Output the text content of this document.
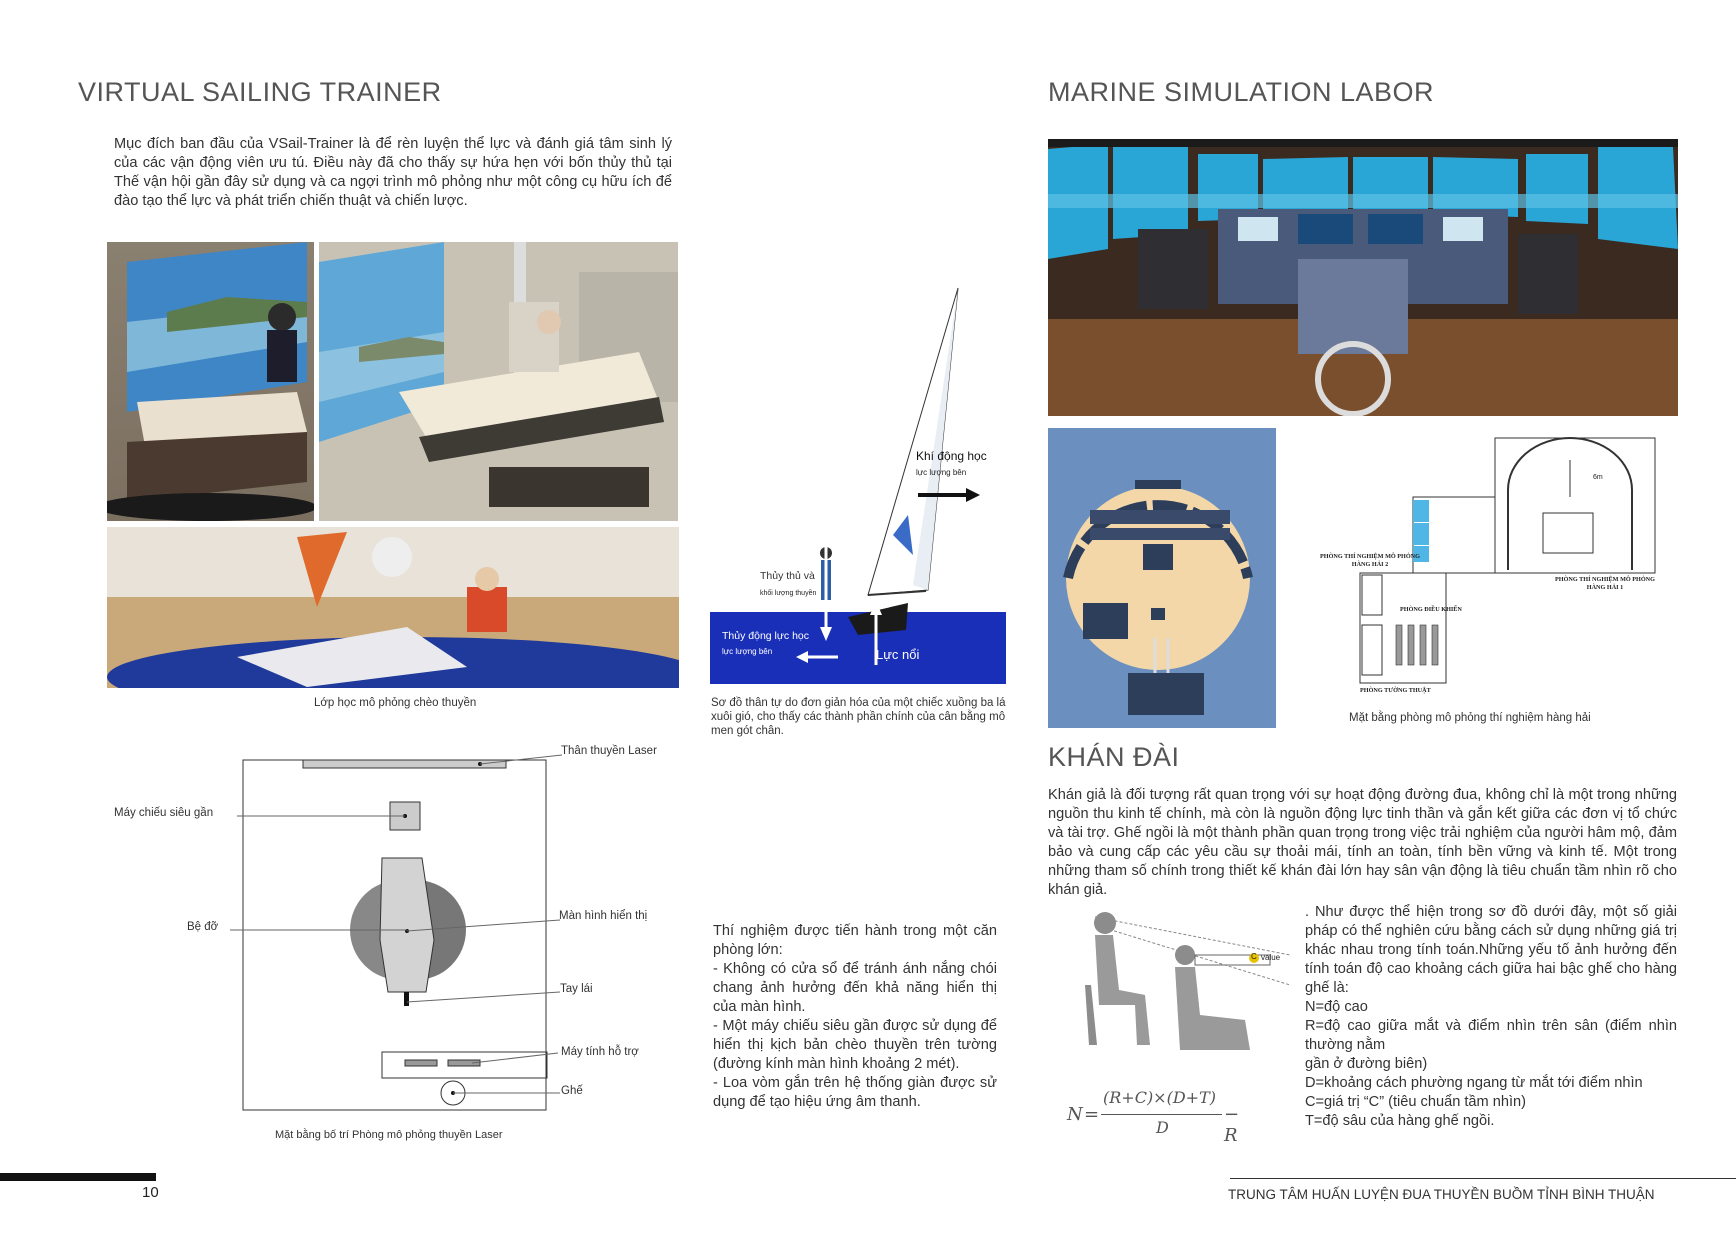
VIRTUAL SAILING TRAINER
Mục đích ban đầu của VSail-Trainer là để rèn luyện thể lực và đánh giá tâm sinh lý của các vận động viên ưu tú. Điều này đã cho thấy sự hứa hẹn với bốn thủy thủ tại Thế vận hội gần đây sử dụng và ca ngợi trình mô phỏng như một công cụ hữu ích để đào tạo thể lực và phát triển chiến thuật và chiến lược.
Lớp học mô phỏng chèo thuyền
Khí động học
lực lượng bên
Thủy thủ và
khối lượng thuyền
Thủy động lực học
lực lượng bên	Lực nổi
Sơ đồ thân tự do đơn giản hóa của một chiếc xuồng ba lá xuôi gió, cho thấy các thành phần chính của cân bằng mô men gót chân.
Thân thuyền Laser
Máy chiếu siêu gần
Bệ đỡ
Màn hình hiển thị
Tay lái
Máy tính hỗ trợ
Ghế
Mặt bằng bố trí Phòng mô phỏng thuyền Laser
Thí nghiệm được tiến hành trong một căn phòng lớn:
- Không có cửa sổ để tránh ánh nắng chói chang ảnh hưởng đến khả năng hiển thị của màn hình.
- Một máy chiếu siêu gần được sử dụng để hiển thị kịch bản chèo thuyền trên tường (đường kính màn hình khoảng 2 mét).
- Loa vòm gắn trên hệ thống giàn được sử dụng để tạo hiệu ứng âm thanh.
10
MARINE SIMULATION LABOR
6m
PHÒNG THÍ NGHIỆM MÔ PHỎNG HÀNG HẢI 2
PHÒNG THÍ NGHIỆM MÔ PHỎNG HÀNG HẢI 1
PHÒNG ĐIỀU KHIỂN
PHÒNG TƯỜNG THUẬT
Mặt bằng phòng mô phỏng thí nghiệm hàng hải
KHÁN ĐÀI
Khán giả là đối tượng rất quan trọng với sự hoạt động đường đua, không chỉ là một trong những nguồn thu kinh tế chính, mà còn là nguồn động lực tinh thần và gắn kết giữa các đơn vị tổ chức và tài trợ. Ghế ngồi là một thành phần quan trọng trong việc trải nghiệm của người hâm mộ, đảm bảo và cung cấp các yêu cầu sự thoải mái, tính an toàn, tính bền vững và kinh tế. Một trong những tham số chính trong thiết kế khán đài lớn hay sân vận động là tiêu chuẩn tầm nhìn rõ cho khán giả.
C value
N =
(R+C)×(D+T)
D
− R
. Như được thể hiện trong sơ đồ dưới đây, một số giải pháp có thể nghiên cứu bằng cách sử dụng những giá trị khác nhau trong tính toán.Những yếu tố ảnh hưởng đến tính toán độ cao khoảng cách giữa hai bậc ghế cho hàng ghế là:
N=độ cao
R=độ cao giữa mắt và điểm nhìn trên sân (điểm nhìn thường nằm
gần ở đường biên)
D=khoảng cách phường ngang từ mắt tới điểm nhìn
C=giá trị “C” (tiêu chuẩn tầm nhìn)
T=độ sâu của hàng ghế ngồi.
TRUNG TÂM HUẤN LUYỆN ĐUA THUYỀN BUỒM TỈNH BÌNH THUẬN
